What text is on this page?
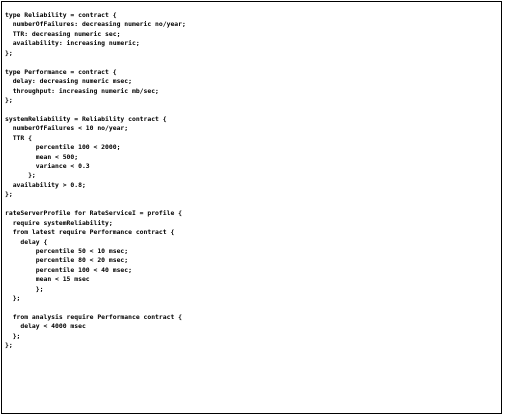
type Reliability = contract {
numberOfFailures: decreasing numeric no/year;
TTR: decreasing numeric sec;
availability: increasing numeric;
};
type Performance = contract {
delay: decreasing numeric msec;
throughput: increasing numeric mb/sec;
};
systemReliability = Reliability contract {
numberOfFailures < 10 no/year;
TTR {
percentile 100 < 2000;
mean < 500;
variance < 0.3
};
availability > 0.8;
};
rateServerProfile for RateServiceI = profile {
require systemReliability;
from latest require Performance contract {
delay {
percentile 50 < 10 msec;
percentile 80 < 20 msec;
percentile 100 < 40 msec;
mean < 15 msec
};
};
from analysis require Performance contract {
delay < 4000 msec
};
};
